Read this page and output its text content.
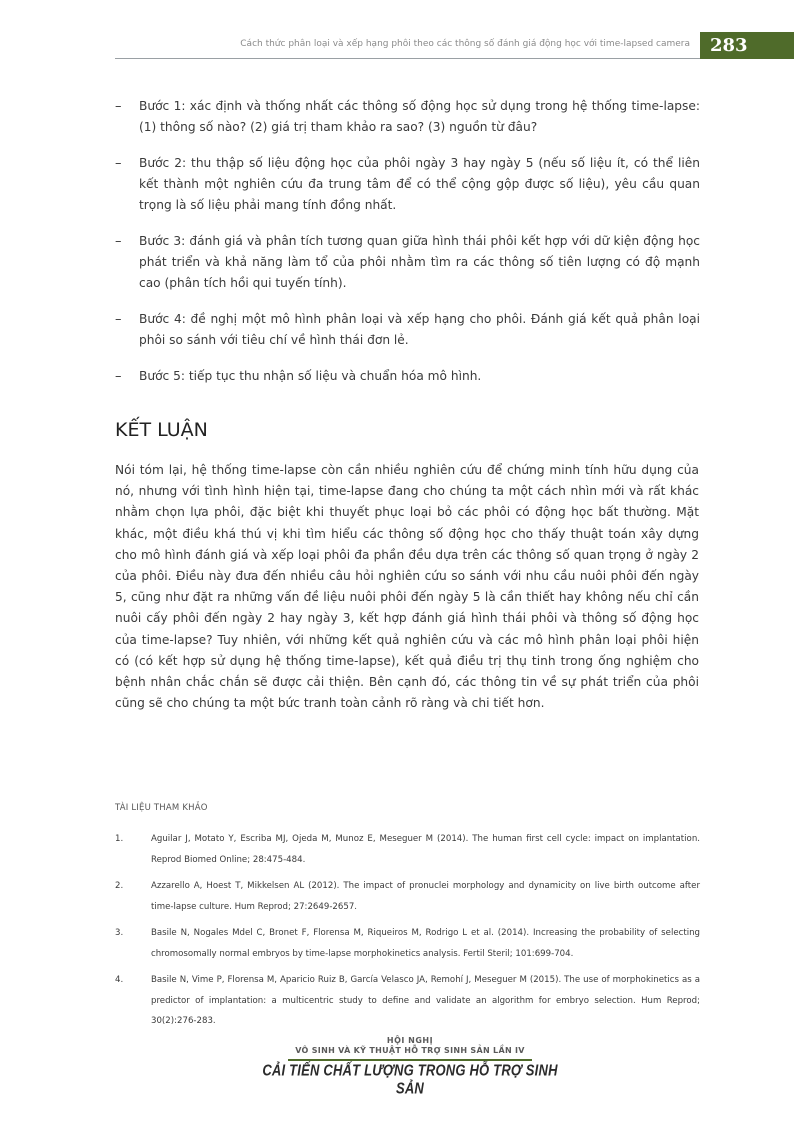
Cách thức phân loại và xếp hạng phôi theo các thông số đánh giá động học với time-lapsed camera	283
– Bước 1: xác định và thống nhất các thông số động học sử dụng trong hệ thống time-lapse: (1) thông số nào? (2) giá trị tham khảo ra sao? (3) nguồn từ đâu?
– Bước 2: thu thập số liệu động học của phôi ngày 3 hay ngày 5 (nếu số liệu ít, có thể liên kết thành một nghiên cứu đa trung tâm để có thể cộng gộp được số liệu), yêu cầu quan trọng là số liệu phải mang tính đồng nhất.
– Bước 3: đánh giá và phân tích tương quan giữa hình thái phôi kết hợp với dữ kiện động học phát triển và khả năng làm tổ của phôi nhằm tìm ra các thông số tiên lượng có độ mạnh cao (phân tích hồi qui tuyến tính).
– Bước 4: đề nghị một mô hình phân loại và xếp hạng cho phôi. Đánh giá kết quả phân loại phôi so sánh với tiêu chí về hình thái đơn lẻ.
– Bước 5: tiếp tục thu nhận số liệu và chuẩn hóa mô hình.
KẾT LUẬN

Nói tóm lại, hệ thống time-lapse còn cần nhiều nghiên cứu để chứng minh tính hữu dụng của nó, nhưng với tình hình hiện tại, time-lapse đang cho chúng ta một cách nhìn mới và rất khác nhằm chọn lựa phôi, đặc biệt khi thuyết phục loại bỏ các phôi có động học bất thường. Mặt khác, một điều khá thú vị khi tìm hiểu các thông số động học cho thấy thuật toán xây dựng cho mô hình đánh giá và xếp loại phôi đa phần đều dựa trên các thông số quan trọng ở ngày 2 của phôi. Điều này đưa đến nhiều câu hỏi nghiên cứu so sánh với nhu cầu nuôi phôi đến ngày 5, cũng như đặt ra những vấn đề liệu nuôi phôi đến ngày 5 là cần thiết hay không nếu chỉ cần nuôi cấy phôi đến ngày 2 hay ngày 3, kết hợp đánh giá hình thái phôi và thông số động học của time-lapse? Tuy nhiên, với những kết quả nghiên cứu và các mô hình phân loại phôi hiện có (có kết hợp sử dụng hệ thống time-lapse), kết quả điều trị thụ tinh trong ống nghiệm cho bệnh nhân chắc chắn sẽ được cải thiện. Bên cạnh đó, các thông tin về sự phát triển của phôi cũng sẽ cho chúng ta một bức tranh toàn cảnh rõ ràng và chi tiết hơn.

TÀI LIỆU THAM KHẢO
1.	Aguilar J, Motato Y, Escriba MJ, Ojeda M, Munoz E, Meseguer M (2014). The human first cell cycle: impact on implantation. Reprod Biomed Online; 28:475-484.
2.	Azzarello A, Hoest T, Mikkelsen AL (2012). The impact of pronuclei morphology and dynamicity on live birth outcome after time-lapse culture. Hum Reprod; 27:2649-2657.
3.	Basile N, Nogales Mdel C, Bronet F, Florensa M, Riqueiros M, Rodrigo L et al. (2014). Increasing the probability of selecting chromosomally normal embryos by time-lapse morphokinetics analysis. Fertil Steril; 101:699-704.
4.	Basile N, Vime P, Florensa M, Aparicio Ruiz B, García Velasco JA, Remohí J, Meseguer M (2015). The use of morphokinetics as a predictor of implantation: a multicentric study to define and validate an algorithm for embryo selection. Hum Reprod; 30(2):276-283.
HỘI NGHỊ
VÔ SINH VÀ KỸ THUẬT HỖ TRỢ SINH SẢN LẦN IV
CẢI TIẾN CHẤT LƯỢNG TRONG HỖ TRỢ SINH SẢN
